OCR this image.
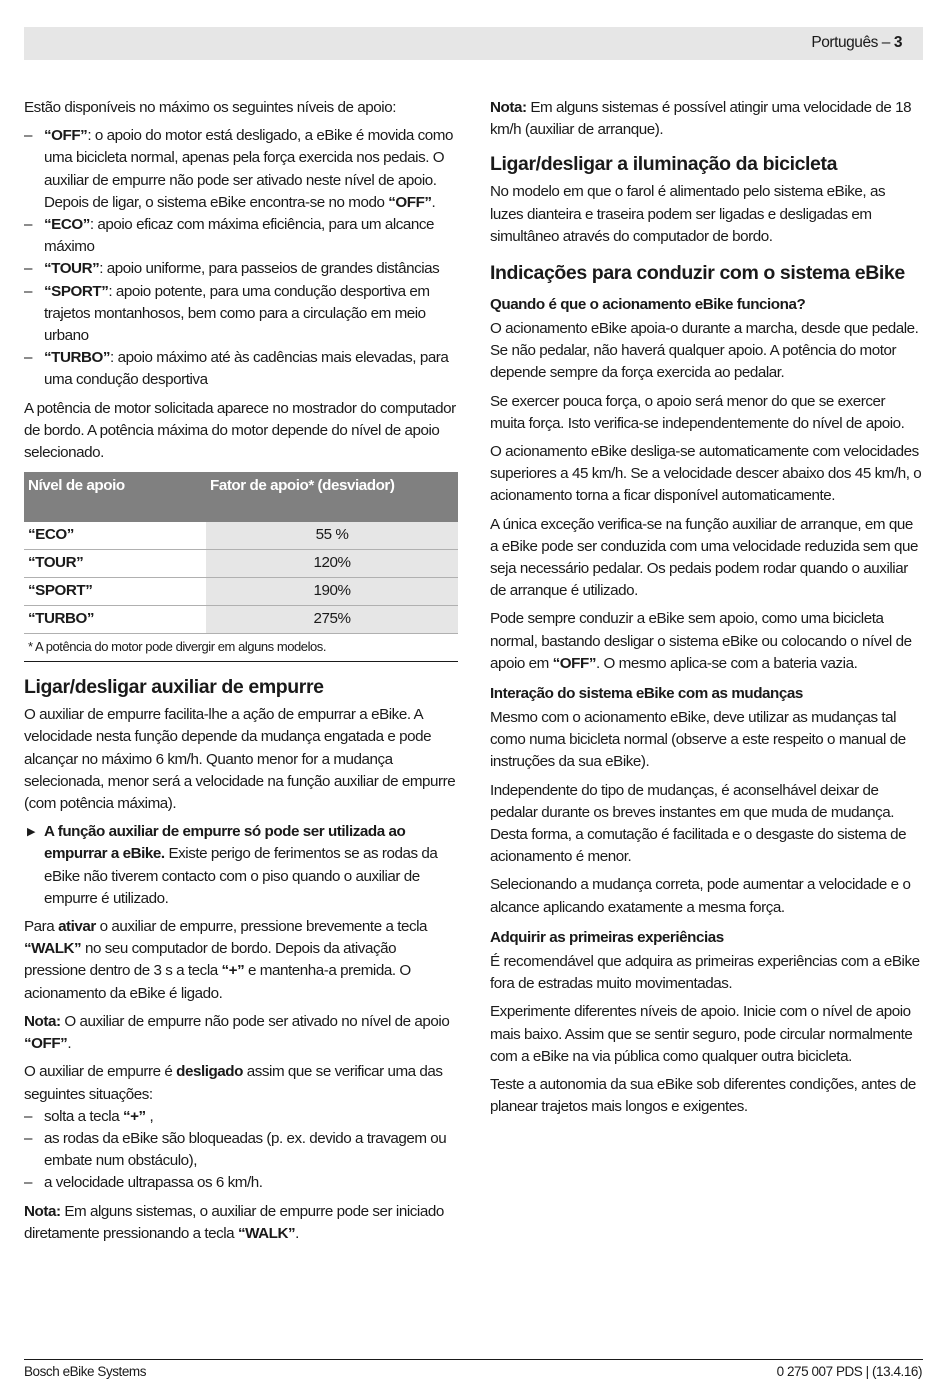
Português – 3

Estão disponíveis no máximo os seguintes níveis de apoio:

– “OFF”: o apoio do motor está desligado, a eBike é movida como uma bicicleta normal, apenas pela força exercida nos pedais. O auxiliar de empurre não pode ser ativado neste nível de apoio.
Depois de ligar, o sistema eBike encontra-se no modo “OFF”.
– “ECO”: apoio eficaz com máxima eficiência, para um alcance máximo
– “TOUR”: apoio uniforme, para passeios de grandes distâncias
– “SPORT”: apoio potente, para uma condução desportiva em trajetos montanhosos, bem como para a circulação em meio urbano
– “TURBO”: apoio máximo até às cadências mais elevadas, para uma condução desportiva

A potência de motor solicitada aparece no mostrador do computador de bordo. A potência máxima do motor depende do nível de apoio selecionado.

Nível de apoio	Fator de apoio* (desviador)
“ECO”	55 %
“TOUR”	120%
“SPORT”	190%
“TURBO”	275%
* A potência do motor pode divergir em alguns modelos.
Ligar/desligar auxiliar de empurre

O auxiliar de empurre facilita-lhe a ação de empurrar a eBike. A velocidade nesta função depende da mudança engatada e pode alcançar no máximo 6 km/h. Quanto menor for a mudança selecionada, menor será a velocidade na função auxiliar de empurre (com potência máxima).

▶ A função auxiliar de empurre só pode ser utilizada ao empurrar a eBike. Existe perigo de ferimentos se as rodas da eBike não tiverem contacto com o piso quando o auxiliar de empurre é utilizado.

Para ativar o auxiliar de empurre, pressione brevemente a tecla “WALK” no seu computador de bordo. Depois da ativação pressione dentro de 3 s a tecla “+” e mantenha-a premida. O acionamento da eBike é ligado.

Nota: O auxiliar de empurre não pode ser ativado no nível de apoio “OFF”.

O auxiliar de empurre é desligado assim que se verificar uma das seguintes situações:

– solta a tecla “+” ,
– as rodas da eBike são bloqueadas (p. ex. devido a travagem ou embate num obstáculo),
– a velocidade ultrapassa os 6 km/h.

Nota: Em alguns sistemas, o auxiliar de empurre pode ser iniciado diretamente pressionando a tecla “WALK”.

Nota: Em alguns sistemas é possível atingir uma velocidade de 18 km/h (auxiliar de arranque).

Ligar/desligar a iluminação da bicicleta

No modelo em que o farol é alimentado pelo sistema eBike, as luzes dianteira e traseira podem ser ligadas e desligadas em simultâneo através do computador de bordo.

Indicações para conduzir com o sistema eBike
Quando é que o acionamento eBike funciona?

O acionamento eBike apoia-o durante a marcha, desde que pedale. Se não pedalar, não haverá qualquer apoio. A potência do motor depende sempre da força exercida ao pedalar.

Se exercer pouca força, o apoio será menor do que se exercer muita força. Isto verifica-se independentemente do nível de apoio.

O acionamento eBike desliga-se automaticamente com velocidades superiores a 45 km/h. Se a velocidade descer abaixo dos 45 km/h, o acionamento torna a ficar disponível automaticamente.

A única exceção verifica-se na função auxiliar de arranque, em que a eBike pode ser conduzida com uma velocidade reduzida sem que seja necessário pedalar. Os pedais podem rodar quando o auxiliar de arranque é utilizado.

Pode sempre conduzir a eBike sem apoio, como uma bicicleta normal, bastando desligar o sistema eBike ou colocando o nível de apoio em “OFF”. O mesmo aplica-se com a bateria vazia.

Interação do sistema eBike com as mudanças

Mesmo com o acionamento eBike, deve utilizar as mudanças tal como numa bicicleta normal (observe a este respeito o manual de instruções da sua eBike).

Independente do tipo de mudanças, é aconselhável deixar de pedalar durante os breves instantes em que muda de mudança. Desta forma, a comutação é facilitada e o desgaste do sistema de acionamento é menor.

Selecionando a mudança correta, pode aumentar a velocidade e o alcance aplicando exatamente a mesma força.

Adquirir as primeiras experiências

É recomendável que adquira as primeiras experiências com a eBike fora de estradas muito movimentadas.

Experimente diferentes níveis de apoio. Inicie com o nível de apoio mais baixo. Assim que se sentir seguro, pode circular normalmente com a eBike na via pública como qualquer outra bicicleta.

Teste a autonomia da sua eBike sob diferentes condições, antes de planear trajetos mais longos e exigentes.

Bosch eBike Systems	0 275 007 PDS | (13.4.16)
